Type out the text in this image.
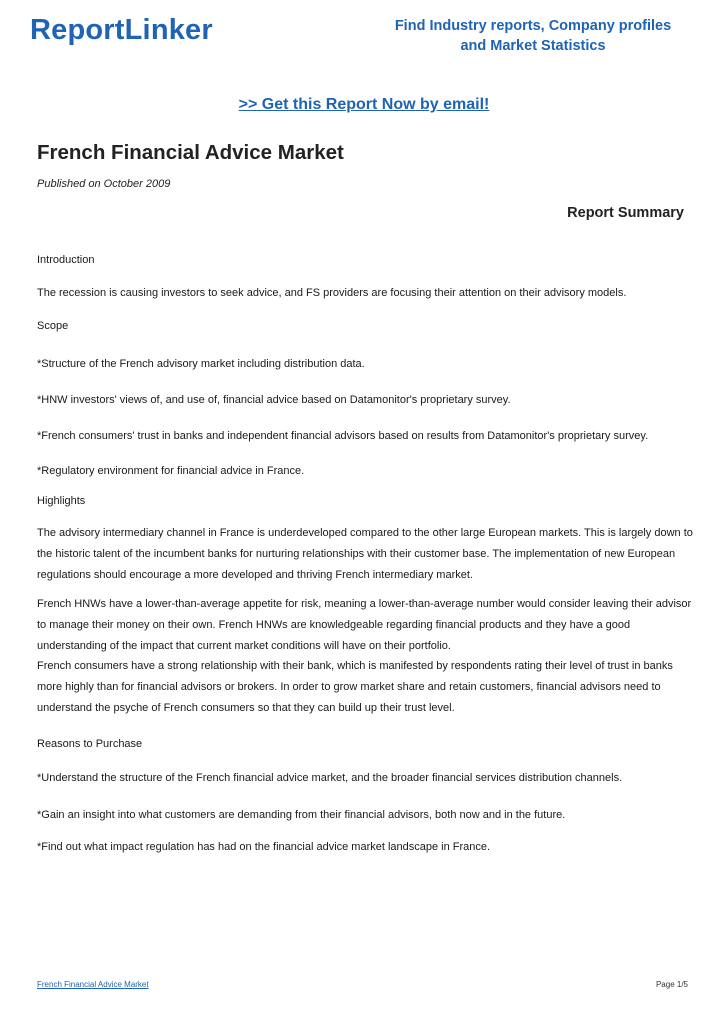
ReportLinker	Find Industry reports, Company profiles
and Market Statistics
>> Get this Report Now by email!
French Financial Advice Market
Published on October 2009
Report Summary

Introduction

The recession is causing investors to seek advice, and FS providers are focusing their attention on their advisory models.

Scope

*Structure of the French advisory market including distribution data.

*HNW investors' views of, and use of, financial advice based on Datamonitor's proprietary survey.

*French consumers' trust in banks and independent financial advisors based on results from Datamonitor's proprietary survey.

*Regulatory environment for financial advice in France.

Highlights

The advisory intermediary channel in France is underdeveloped compared to the other large European markets. This is largely down to the historic talent of the incumbent banks for nurturing relationships with their customer base. The implementation of new European regulations should encourage a more developed and thriving French intermediary market.

French HNWs have a lower-than-average appetite for risk, meaning a lower-than-average number would consider leaving their advisor to manage their money on their own. French HNWs are knowledgeable regarding financial products and they have a good understanding of the impact that current market conditions will have on their portfolio.

French consumers have a strong relationship with their bank, which is manifested by respondents rating their level of trust in banks more highly than for financial advisors or brokers. In order to grow market share and retain customers, financial advisors need to understand the psyche of French consumers so that they can build up their trust level.

Reasons to Purchase

*Understand the structure of the French financial advice market, and the broader financial services distribution channels.

*Gain an insight into what customers are demanding from their financial advisors, both now and in the future.

*Find out what impact regulation has had on the financial advice market landscape in France.

French Financial Advice Market	Page 1/5
